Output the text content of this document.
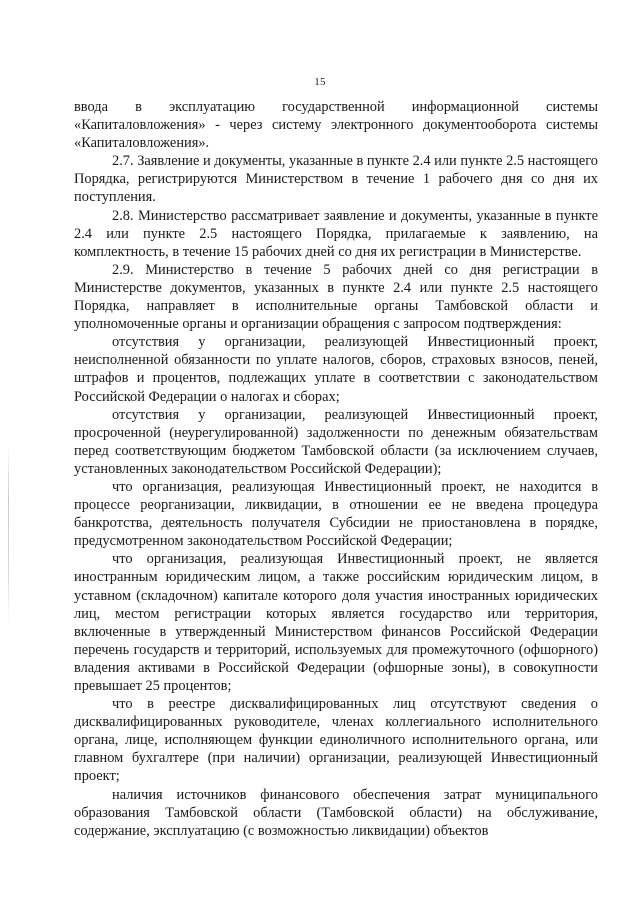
15

ввода в эксплуатацию государственной информационной системы «Капиталовложения» - через систему электронного документооборота системы «Капиталовложения».

2.7. Заявление и документы, указанные в пункте 2.4 или пункте 2.5 настоящего Порядка, регистрируются Министерством в течение 1 рабочего дня со дня их поступления.

2.8. Министерство рассматривает заявление и документы, указанные в пункте 2.4 или пункте 2.5 настоящего Порядка, прилагаемые к заявлению, на комплектность, в течение 15 рабочих дней со дня их регистрации в Министерстве.

2.9. Министерство в течение 5 рабочих дней со дня регистрации в Министерстве документов, указанных в пункте 2.4 или пункте 2.5 настоящего Порядка, направляет в исполнительные органы Тамбовской области и уполномоченные органы и организации обращения с запросом подтверждения:

отсутствия у организации, реализующей Инвестиционный проект, неисполненной обязанности по уплате налогов, сборов, страховых взносов, пеней, штрафов и процентов, подлежащих уплате в соответствии с законодательством Российской Федерации о налогах и сборах;

отсутствия у организации, реализующей Инвестиционный проект, просроченной (неурегулированной) задолженности по денежным обязательствам перед соответствующим бюджетом Тамбовской области (за исключением случаев, установленных законодательством Российской Федерации);

что организация, реализующая Инвестиционный проект, не находится в процессе реорганизации, ликвидации, в отношении ее не введена процедура банкротства, деятельность получателя Субсидии не приостановлена в порядке, предусмотренном законодательством Российской Федерации;

что организация, реализующая Инвестиционный проект, не является иностранным юридическим лицом, а также российским юридическим лицом, в уставном (складочном) капитале которого доля участия иностранных юридических лиц, местом регистрации которых является государство или территория, включенные в утвержденный Министерством финансов Российской Федерации перечень государств и территорий, используемых для промежуточного (офшорного) владения активами в Российской Федерации (офшорные зоны), в совокупности превышает 25 процентов;

что в реестре дисквалифицированных лиц отсутствуют сведения о дисквалифицированных руководителе, членах коллегиального исполнительного органа, лице, исполняющем функции единоличного исполнительного органа, или главном бухгалтере (при наличии) организации, реализующей Инвестиционный проект;

наличия источников финансового обеспечения затрат муниципального образования Тамбовской области (Тамбовской области) на обслуживание, содержание, эксплуатацию (с возможностью ликвидации) объектов
